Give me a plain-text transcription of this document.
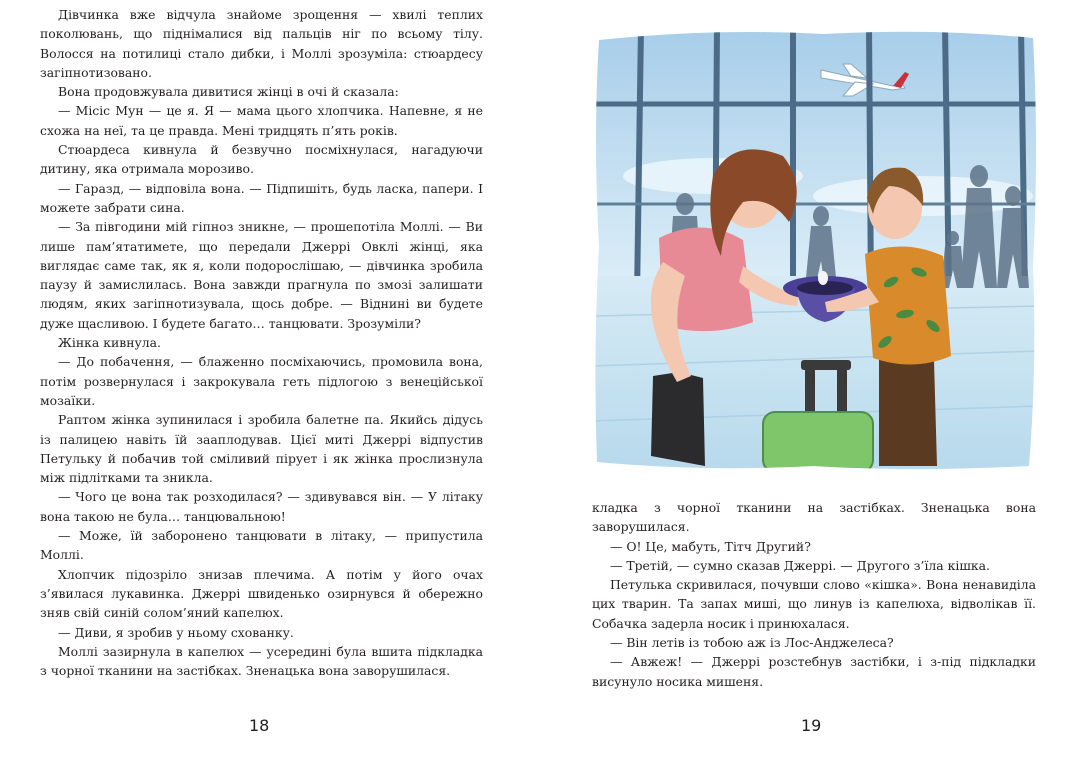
Дівчинка вже відчула знайоме зрощення — хвилі теплих поколювань, що піднімалися від пальців ніг по всьому тілу. Волосся на потилиці стало дибки, і Моллі зрозуміла: стюардесу загіпнотизовано.

Вона продовжувала дивитися жінці в очі й сказала:

— Місіс Мун — це я. Я — мама цього хлопчика. Напевне, я не схожа на неї, та це правда. Мені тридцять п’ять років.

Стюардеса кивнула й безвучно посміхнулася, нагадуючи дитину, яка отримала морозиво.

— Гаразд, — відповіла вона. — Підпишіть, будь ласка, папери. І можете забрати сина.

— За півгодини мій гіпноз зникне, — прошепотіла Моллі. — Ви лише пам’ятатимете, що передали Джеррі Овклі жінці, яка виглядає саме так, як я, коли подорослішаю, — дівчинка зробила паузу й замислилась. Вона завжди прагнула по змозі залишати людям, яких загіпнотизувала, щось добре. — Віднині ви будете дуже щасливою. І будете багато… танцювати. Зрозуміли?

Жінка кивнула.

— До побачення, — блаженно посміхаючись, промовила вона, потім розвернулася і закрокувала геть підлогою з венеційської мозаїки.

Раптом жінка зупинилася і зробила балетне па. Якийсь дідусь із палицею навіть їй зааплодував. Цієї миті Джеррі відпустив Петульку й побачив той сміливий пірует і як жінка прослизнула між підлітками та зникла.

— Чого це вона так розходилася? — здивувався він. — У літаку вона такою не була… танцювальною!

— Може, їй заборонено танцювати в літаку, — припустила Моллі.

Хлопчик підозріло знизав плечима. А потім у його очах з’явилася лукавинка. Джеррі швиденько озирнувся й обережно зняв свій синій солом’яний капелюх.

— Диви, я зробив у ньому схованку.

Моллі зазирнула в капелюх — усередині була вшита підкладка з чорної тканини на застібках. Зненацька вона заворушилася.

18

кладка з чорної тканини на застібках. Зненацька вона заворушилася.

— О! Це, мабуть, Тітч Другий?

— Третій, — сумно сказав Джеррі. — Другого з’їла кішка.

Петулька скривилася, почувши слово «кішка». Вона ненавиділа цих тварин. Та запах миші, що линув із капелюха, відволікав її. Собачка задерла носик і принюхалася.

— Він летів із тобою аж із Лос-Анджелеса?

— Авжеж! — Джеррі розстебнув застібки, і з-під підкладки висунуло носика мишеня.

19
